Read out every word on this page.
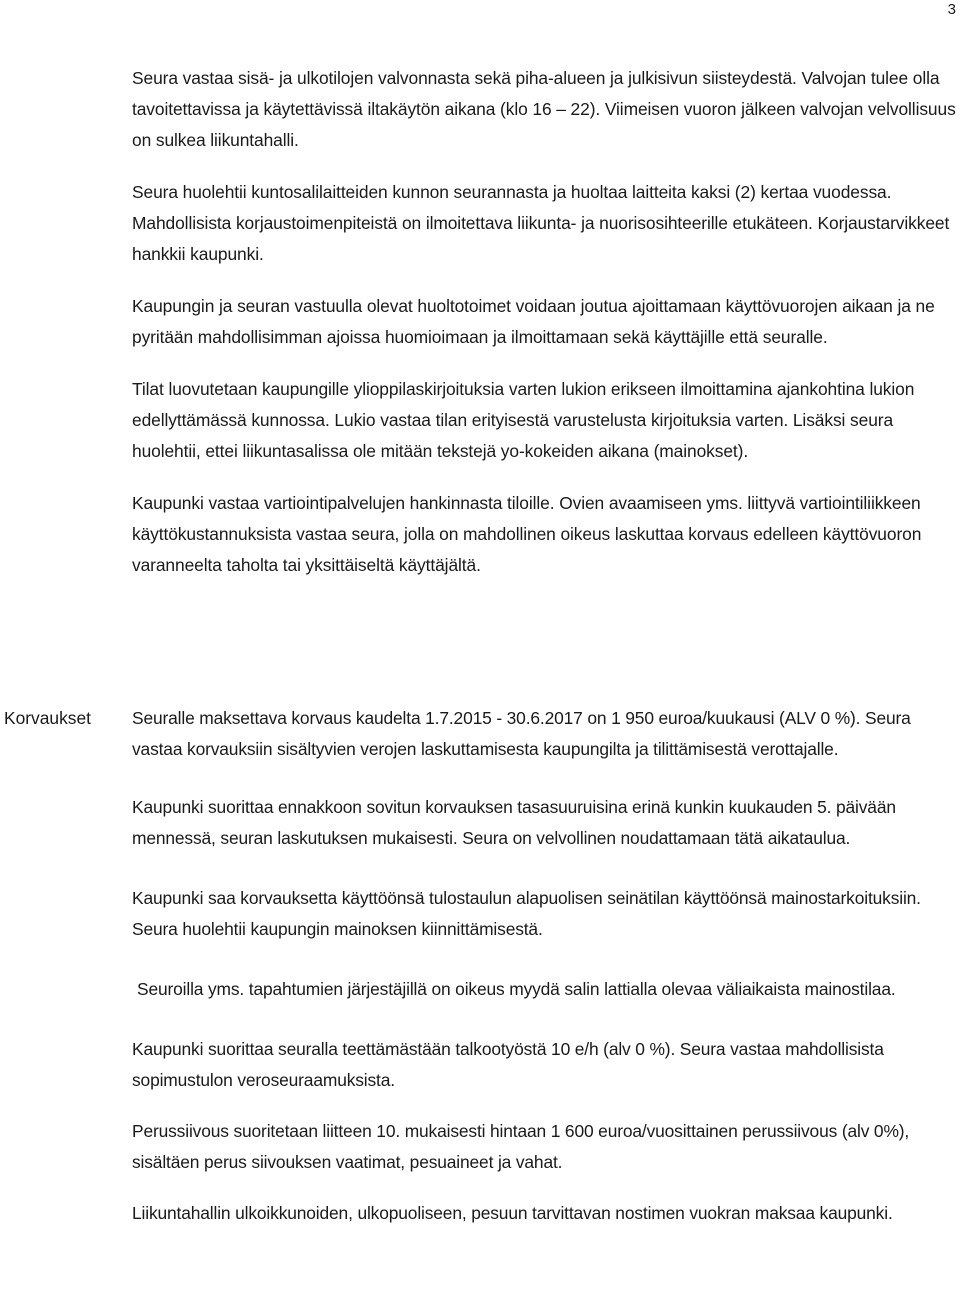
3

Seura vastaa sisä- ja ulkotilojen valvonnasta sekä piha-alueen ja julkisivun siisteydestä. Valvojan tulee olla tavoitettavissa ja käytettävissä iltakäytön aikana (klo 16 – 22). Viimeisen vuoron jälkeen valvojan velvollisuus on sulkea liikuntahalli.

Seura huolehtii kuntosalilaitteiden kunnon seurannasta ja huoltaa laitteita kaksi (2) kertaa vuodessa. Mahdollisista korjaustoimenpiteistä on ilmoitettava liikunta- ja nuorisosihteerille etukäteen. Korjaustarvikkeet hankkii kaupunki.

Kaupungin ja seuran vastuulla olevat huoltotoimet voidaan joutua ajoittamaan käyttövuorojen aikaan ja ne pyritään mahdollisimman ajoissa huomioimaan ja ilmoittamaan sekä käyttäjille että seuralle.

Tilat luovutetaan kaupungille ylioppilaskirjoituksia varten lukion erikseen ilmoittamina ajankohtina lukion edellyttämässä kunnossa. Lukio vastaa tilan erityisestä varustelusta kirjoituksia varten. Lisäksi seura huolehtii, ettei liikuntasalissa ole mitään tekstejä yo-kokeiden aikana (mainokset).

Kaupunki vastaa vartiointipalvelujen hankinnasta tiloille. Ovien avaamiseen yms. liittyvä vartiointiliikkeen käyttökustannuksista vastaa seura, jolla on mahdollinen oikeus laskuttaa korvaus edelleen käyttövuoron varanneelta taholta tai yksittäiseltä käyttäjältä.

Korvaukset Seuralle maksettava korvaus kaudelta 1.7.2015 - 30.6.2017 on 1 950 euroa/kuukausi (ALV 0 %). Seura vastaa korvauksiin sisältyvien verojen laskuttamisesta kaupungilta ja tilittämisestä verottajalle.

Kaupunki suorittaa ennakkoon sovitun korvauksen tasasuuruisina erinä kunkin kuukauden 5. päivään mennessä, seuran laskutuksen mukaisesti. Seura on velvollinen noudattamaan tätä aikataulua.

Kaupunki saa korvauksetta käyttöönsä tulostaulun alapuolisen seinätilan käyttöönsä mainostarkoituksiin. Seura huolehtii kaupungin mainoksen kiinnittämisestä.

Seuroilla yms. tapahtumien järjestäjillä on oikeus myydä salin lattialla olevaa väliaikaista mainostilaa.

Kaupunki suorittaa seuralla teettämästään talkootyöstä 10 e/h (alv 0 %). Seura vastaa mahdollisista sopimustulon veroseuraamuksista.

Perussiivous suoritetaan liitteen 10. mukaisesti hintaan 1 600 euroa/vuosittainen perussiivous (alv 0%), sisältäen perus siivouksen vaatimat, pesuaineet ja vahat.

Liikuntahallin ulkoikkunoiden, ulkopuoliseen, pesuun tarvittavan nostimen vuokran maksaa kaupunki.
